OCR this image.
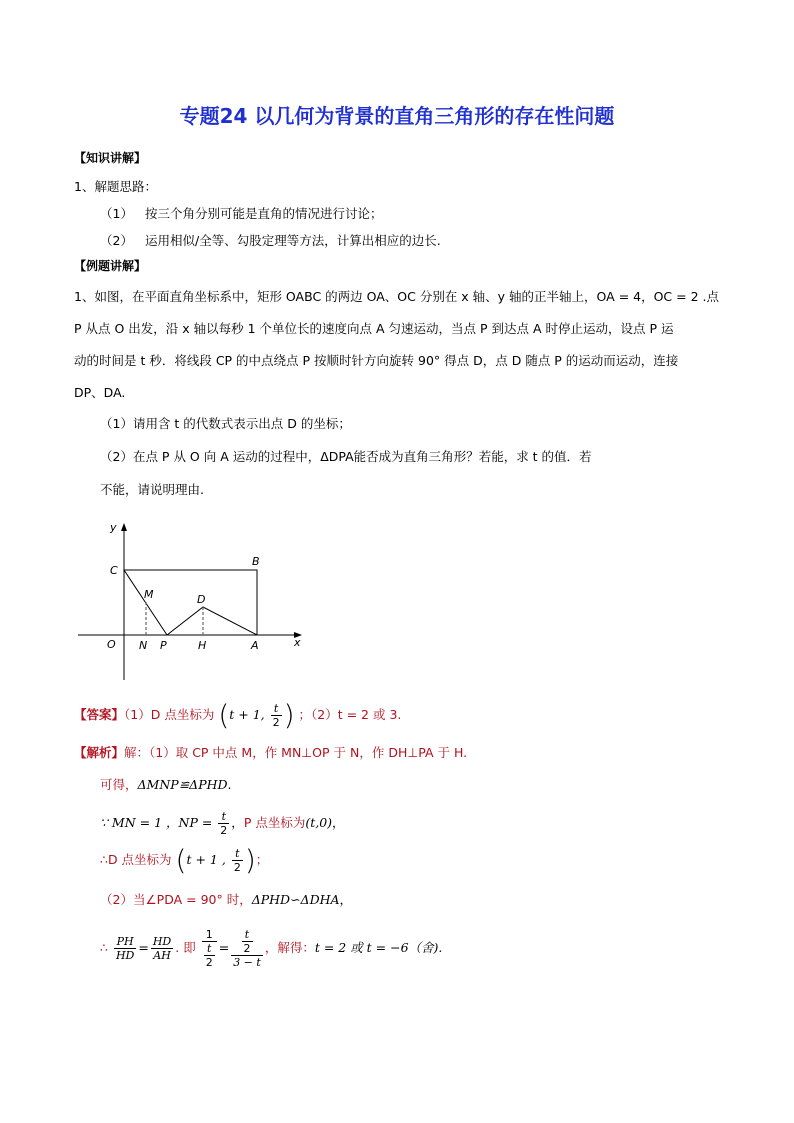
专题24 以几何为背景的直角三角形的存在性问题
【知识讲解】
1、解题思路：
（1） 按三个角分别可能是直角的情况进行讨论；
（2） 运用相似/全等、勾股定理等方法，计算出相应的边长.
【例题讲解】
1、如图，在平面直角坐标系中，矩形 OABC 的两边 OA、OC 分别在 x 轴、y 轴的正半轴上，OA = 4，OC = 2 .点
P 从点 O 出发，沿 x 轴以每秒 1 个单位长的速度向点 A 匀速运动，当点 P 到达点 A 时停止运动，设点 P 运
动的时间是 t 秒．将线段 CP 的中点绕点 P 按顺时针方向旋转 90° 得点 D，点 D 随点 P 的运动而运动，连接
DP、DA.
（1）请用含 t 的代数式表示出点 D 的坐标；
（2）在点 P 从 O 向 A 运动的过程中，ΔDPA能否成为直角三角形？若能，求 t 的值．若
不能，请说明理由.
y
x
C
B
M	D
O N P	H	A
【答案】（1）D 点坐标为 (t + 1, $\frac{t}{2}$ ) ；（2）t = 2 或 3.
【解析】解：（1）取 CP 中点 M，作 MN⊥OP 于 N，作 DH⊥PA 于 H.
可得，ΔMNP≌ΔPHD.
∵ MN = 1 ，NP = $\frac{t}{2}$ ，P 点坐标为(t,0)，
∴D 点坐标为 (t + 1 , $\frac{t}{2}$ )；
（2）当∠PDA = 90° 时，ΔPHD∽ΔDHA，
∴ $\frac{PH}{HD} = \frac{HD}{AH}$ . 即 $\frac{1}{\frac{t}{2}} = \frac{\frac{t}{2}}{3 - t}$ ，解得：t = 2 或 t = −6（舍).
